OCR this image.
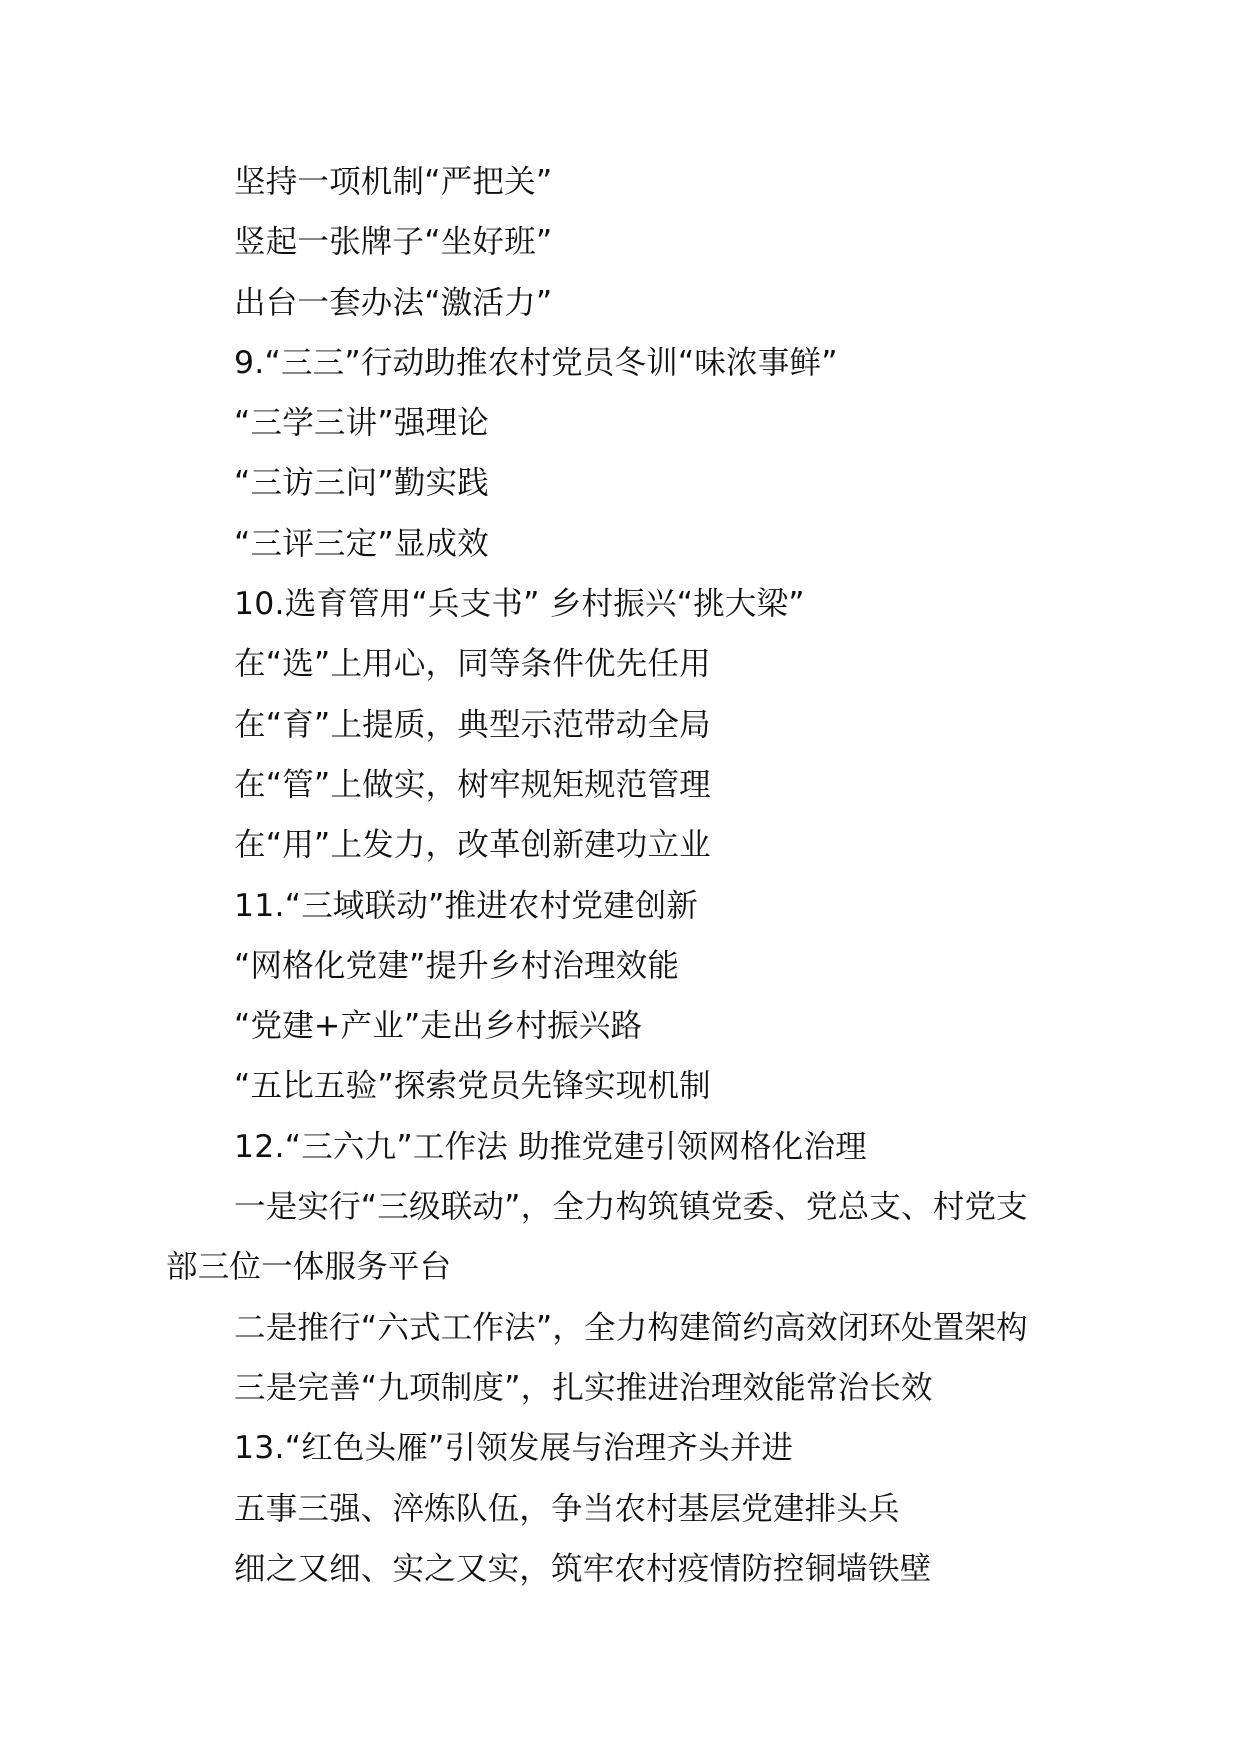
坚持一项机制“严把关”
竖起一张牌子“坐好班”
出台一套办法“激活力”
9.“三三”行动助推农村党员冬训“味浓事鲜”
“三学三讲”强理论
“三访三问”勤实践
“三评三定”显成效
10.选育管用“兵支书” 乡村振兴“挑大梁”
在“选”上用心，同等条件优先任用
在“育”上提质，典型示范带动全局
在“管”上做实，树牢规矩规范管理
在“用”上发力，改革创新建功立业
11.“三域联动”推进农村党建创新
“网格化党建”提升乡村治理效能
“党建+产业”走出乡村振兴路
“五比五验”探索党员先锋实现机制
12.“三六九”工作法 助推党建引领网格化治理
一是实行“三级联动”，全力构筑镇党委、党总支、村党支
部三位一体服务平台
二是推行“六式工作法”，全力构建简约高效闭环处置架构
三是完善“九项制度”，扎实推进治理效能常治长效
13.“红色头雁”引领发展与治理齐头并进
五事三强、淬炼队伍，争当农村基层党建排头兵
细之又细、实之又实，筑牢农村疫情防控铜墙铁壁
